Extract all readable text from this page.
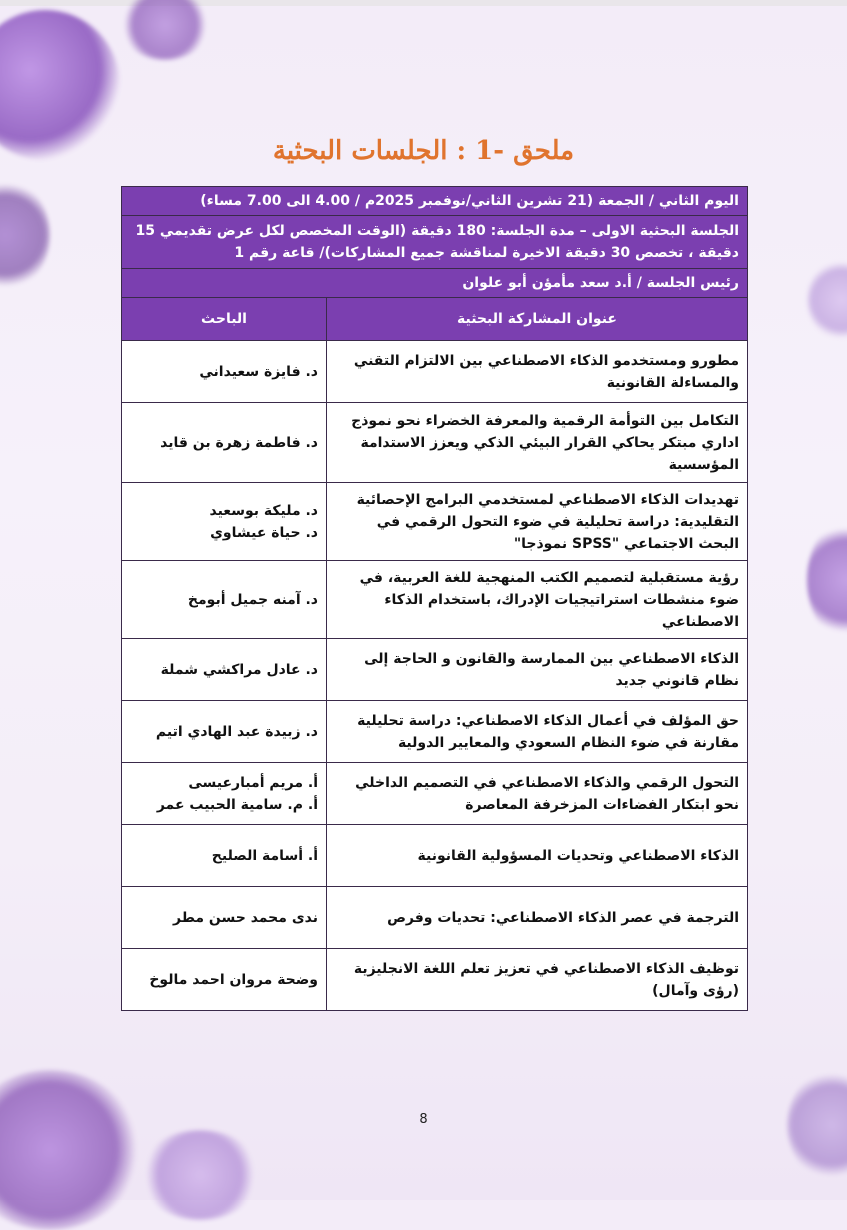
ملحق -1 : الجلسات البحثية
اليوم الثاني / الجمعة (21 تشرين الثاني/نوفمبر 2025م / 4.00 الى 7.00 مساء)	
الجلسة البحثية الاولى – مدة الجلسة: 180 دقيقة (الوقت المخصص لكل عرض تقديمي 15 دقيقة ، تخصص 30 دقيقة الاخيرة لمناقشة جميع المشاركات)/ قاعة رقم 1	
رئيس الجلسة / أ.د سعد مأمؤن أبو علوان	
عنوان المشاركة البحثية	الباحث
مطورو ومستخدمو الذكاء الاصطناعي بين الالتزام التقني والمساءلة القانونية	د. فايزة سعيداني
التكامل بين التوأمة الرقمية والمعرفة الخضراء نحو نموذج اداري مبتكر يحاكي القرار البيئي الذكي ويعزز الاستدامة المؤسسية	د. فاطمة زهرة بن قايد
تهديدات الذكاء الاصطناعي لمستخدمي البرامج الإحصائية التقليدية: دراسة تحليلية في ضوء التحول الرقمي في البحث الاجتماعي "SPSS نموذجا"	د. مليكة بوسعيد
د. حياة عيشاوي
رؤية مستقبلية لتصميم الكتب المنهجية للغة العربية، في ضوء منشطات استراتيجيات الإدراك، باستخدام الذكاء الاصطناعي	د. آمنه جميل أبومخ
الذكاء الاصطناعي بين الممارسة والقانون و الحاجة إلى نظام قانوني جديد	د. عادل مراكشي شملة
حق المؤلف في أعمال الذكاء الاصطناعي: دراسة تحليلية مقارنة في ضوء النظام السعودي والمعايير الدولية	د. زبيدة عبد الهادي اتيم
التحول الرقمي والذكاء الاصطناعي في التصميم الداخلي نحو ابتكار الفضاءات المزخرفة المعاصرة	أ. مريم أمبارعيسى
أ. م. سامية الحبيب عمر
الذكاء الاصطناعي وتحديات المسؤولية القانونية	أ. أسامة الصليح
الترجمة في عصر الذكاء الاصطناعي: تحديات وفرص	ندى محمد حسن مطر
توظيف الذكاء الاصطناعي في تعزيز تعلم اللغة الانجليزية (رؤى وآمال)	وضحة مروان احمد مالوخ
8
